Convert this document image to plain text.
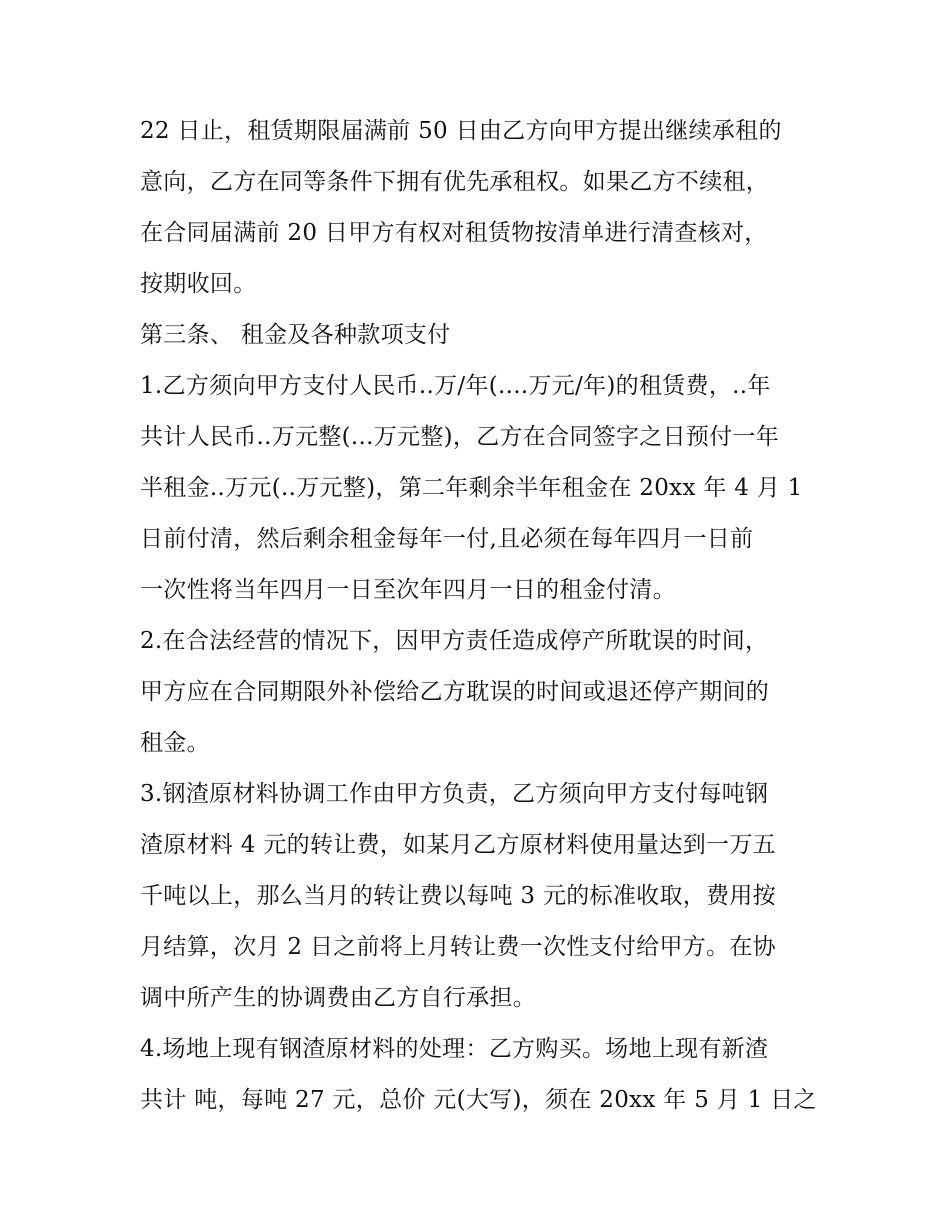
22 日止，租赁期限届满前 50 日由乙方向甲方提出继续承租的
意向，乙方在同等条件下拥有优先承租权。如果乙方不续租，
在合同届满前 20 日甲方有权对租赁物按清单进行清查核对，
按期收回。
第三条、 租金及各种款项支付
1.乙方须向甲方支付人民币..万/年(....万元/年)的租赁费，..年
共计人民币..万元整(...万元整)，乙方在合同签字之日预付一年
半租金..万元(..万元整)，第二年剩余半年租金在 20xx 年 4 月 1
日前付清，然后剩余租金每年一付,且必须在每年四月一日前
一次性将当年四月一日至次年四月一日的租金付清。
2.在合法经营的情况下，因甲方责任造成停产所耽误的时间，
甲方应在合同期限外补偿给乙方耽误的时间或退还停产期间的
租金。
3.钢渣原材料协调工作由甲方负责，乙方须向甲方支付每吨钢
渣原材料 4 元的转让费，如某月乙方原材料使用量达到一万五
千吨以上，那么当月的转让费以每吨 3 元的标准收取，费用按
月结算，次月 2 日之前将上月转让费一次性支付给甲方。在协
调中所产生的协调费由乙方自行承担。
4.场地上现有钢渣原材料的处理：乙方购买。场地上现有新渣
共计 吨，每吨 27 元，总价 元(大写)，须在 20xx 年 5 月 1 日之
